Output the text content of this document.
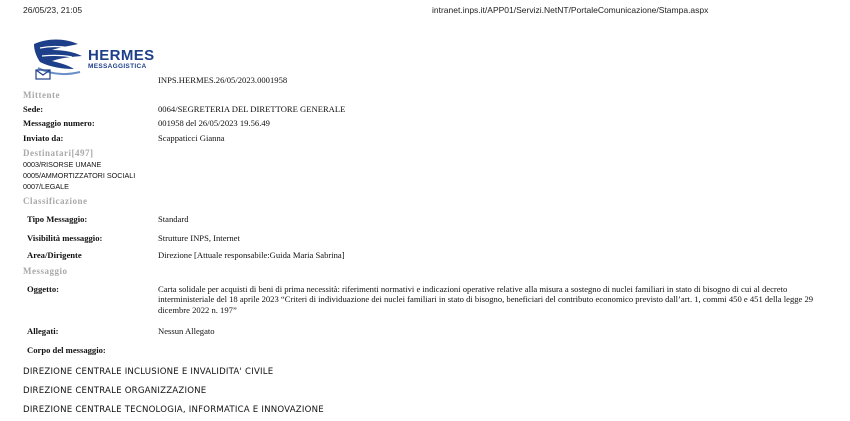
26/05/23, 21:05	intranet.inps.it/APP01/Servizi.NetNT/PortaleComunicazione/Stampa.aspx
HERMES
MESSAGGISTICA
INPS.HERMES.26/05/2023.0001958
Mittente
Sede:	0064/SEGRETERIA DEL DIRETTORE GENERALE
Messaggio numero:	001958 del 26/05/2023 19.56.49
Inviato da:	Scappaticci Gianna
Destinatari[497]
0003/RISORSE UMANE
0005/AMMORTIZZATORI SOCIALI
0007/LEGALE
Classificazione
Tipo Messaggio:	Standard
Visibilità messaggio:	Strutture INPS, Internet
Area/Dirigente	Direzione [Attuale responsabile:Guida Maria Sabrina]
Messaggio
Oggetto:	Carta solidale per acquisti di beni di prima necessità: riferimenti normativi e indicazioni operative relative alla misura a sostegno di nuclei familiari in stato di bisogno di cui al decreto interministeriale del 18 aprile 2023 “Criteri di individuazione dei nuclei familiari in stato di bisogno, beneficiari del contributo economico previsto dall’art. 1, commi 450 e 451 della legge 29 dicembre 2022 n. 197”
Allegati:	Nessun Allegato
Corpo del messaggio:
DIREZIONE CENTRALE INCLUSIONE E INVALIDITA' CIVILE
DIREZIONE CENTRALE ORGANIZZAZIONE
DIREZIONE CENTRALE TECNOLOGIA, INFORMATICA E INNOVAZIONE
